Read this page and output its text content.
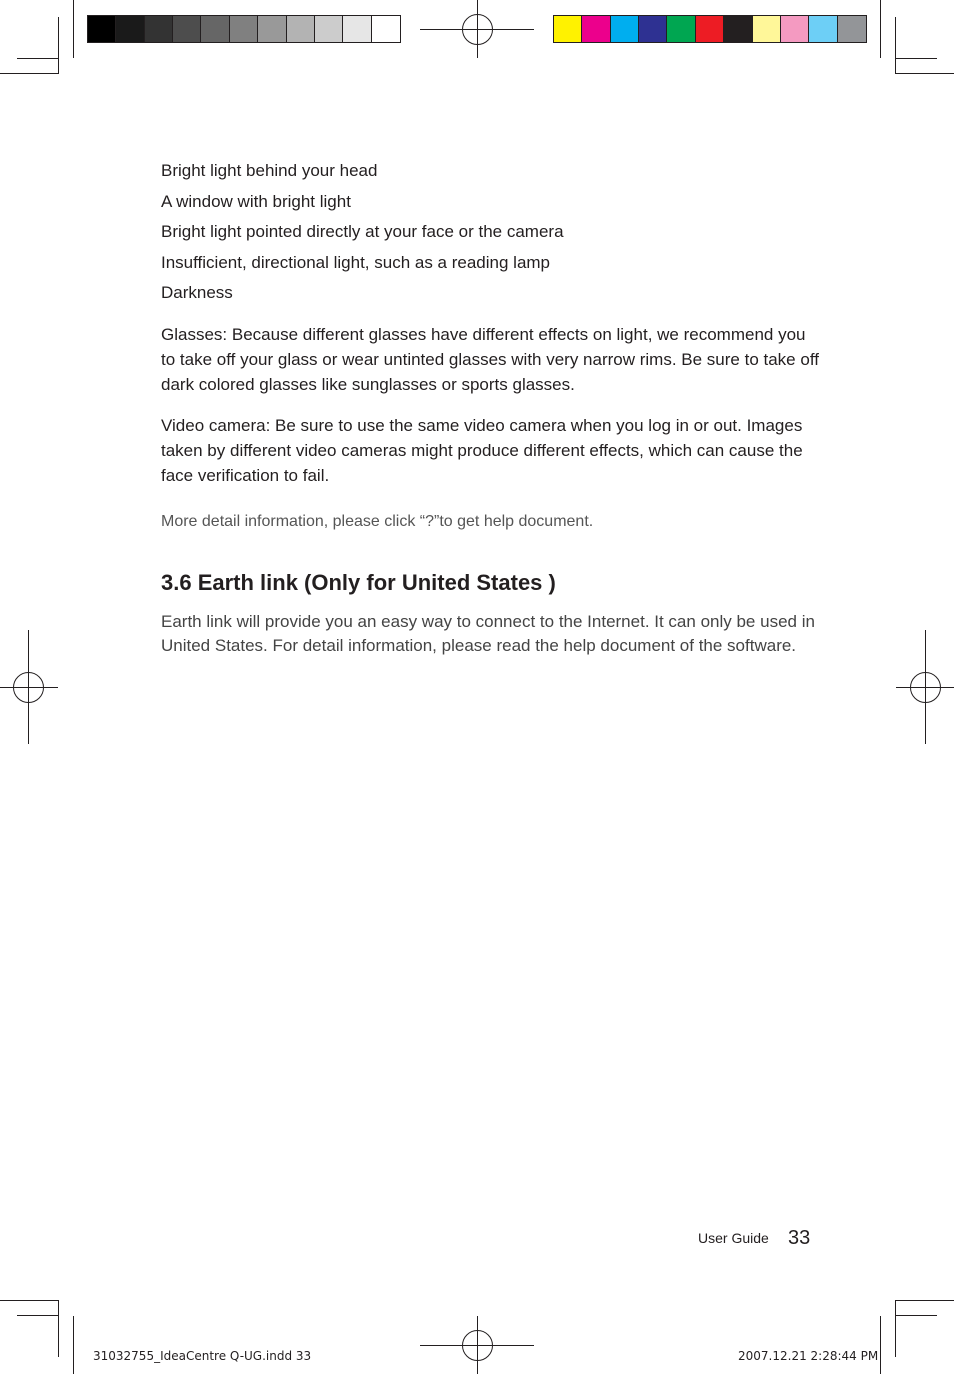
Bright light behind your head

A window with bright light

Bright light pointed directly at your face or the camera

Insufficient, directional light, such as a reading lamp

Darkness

Glasses: Because different glasses have different effects on light, we recommend you to take off your glass or wear untinted glasses with very narrow rims. Be sure to take off dark colored glasses like sunglasses or sports glasses.

Video camera: Be sure to use the same video camera when you log in or out. Images taken by different video cameras might produce different effects, which can cause the face verification to fail.

More detail information, please click “?”to get help document.

3.6 Earth link (Only for United States )

Earth link will provide you an easy way to connect to the Internet. It can only be used in United States. For detail information, please read the help document of the software.

User Guide 33
31032755_IdeaCentre Q-UG.indd 33	2007.12.21 2:28:44 PM
